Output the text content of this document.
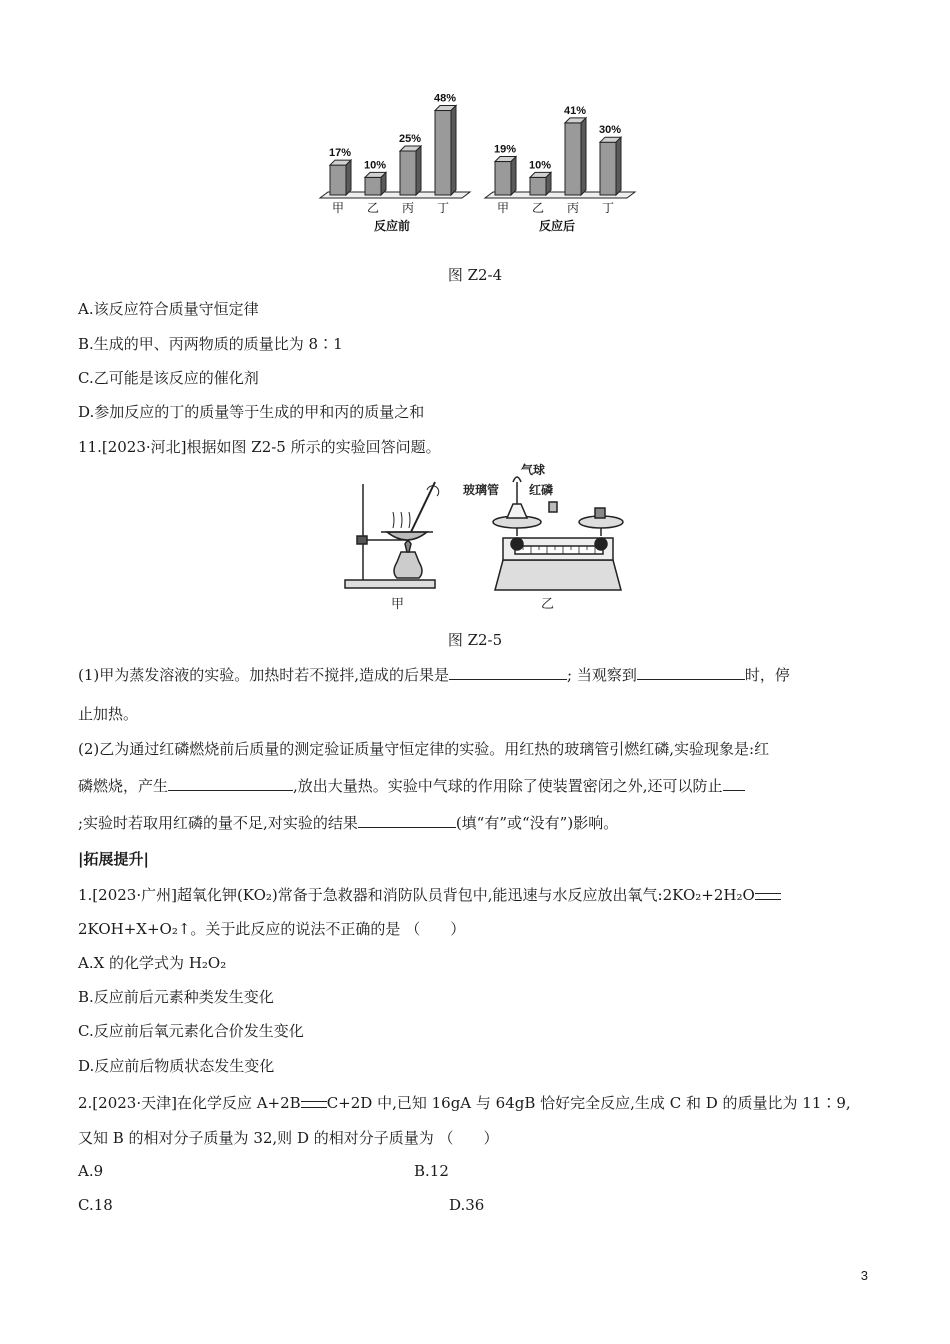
17%
甲
10%
乙
25%
丙
48%
丁
反应前
19%
甲
10%
乙
41%
丙
30%
丁
反应后
图 Z2-4
A.该反应符合质量守恒定律
B.生成的甲、丙两物质的质量比为 8∶1
C.乙可能是该反应的催化剂
D.参加反应的丁的质量等于生成的甲和丙的质量之和
11.[2023·河北]根据如图 Z2-5 所示的实验回答问题。
甲
气球
玻璃管 红磷
乙
图 Z2-5
(1)甲为蒸发溶液的实验。加热时若不搅拌,造成的后果是	; 当观察到	时，停
止加热。
(2)乙为通过红磷燃烧前后质量的测定验证质量守恒定律的实验。用红热的玻璃管引燃红磷,实验现象是:红
磷燃烧，产生	,放出大量热。实验中气球的作用除了使装置密闭之外,还可以防止
;实验时若取用红磷的量不足,对实验的结果	(填“有”或“没有”)影响。
|拓展提升|
1.[2023·广州]超氧化钾(KO₂)常备于急救器和消防队员背包中,能迅速与水反应放出氧气:2KO₂+2H₂O
2KOH+X+O₂↑。关于此反应的说法不正确的是 （　　）
A.X 的化学式为 H₂O₂
B.反应前后元素种类发生变化
C.反应前后氧元素化合价发生变化
D.反应前后物质状态发生变化
2.[2023·天津]在化学反应 A+2B C+2D 中,已知 16gA 与 64gB 恰好完全反应,生成 C 和 D 的质量比为 11∶9,
又知 B 的相对分子质量为 32,则 D 的相对分子质量为 （　　）
A.9	B.12
C.18	D.36
3
